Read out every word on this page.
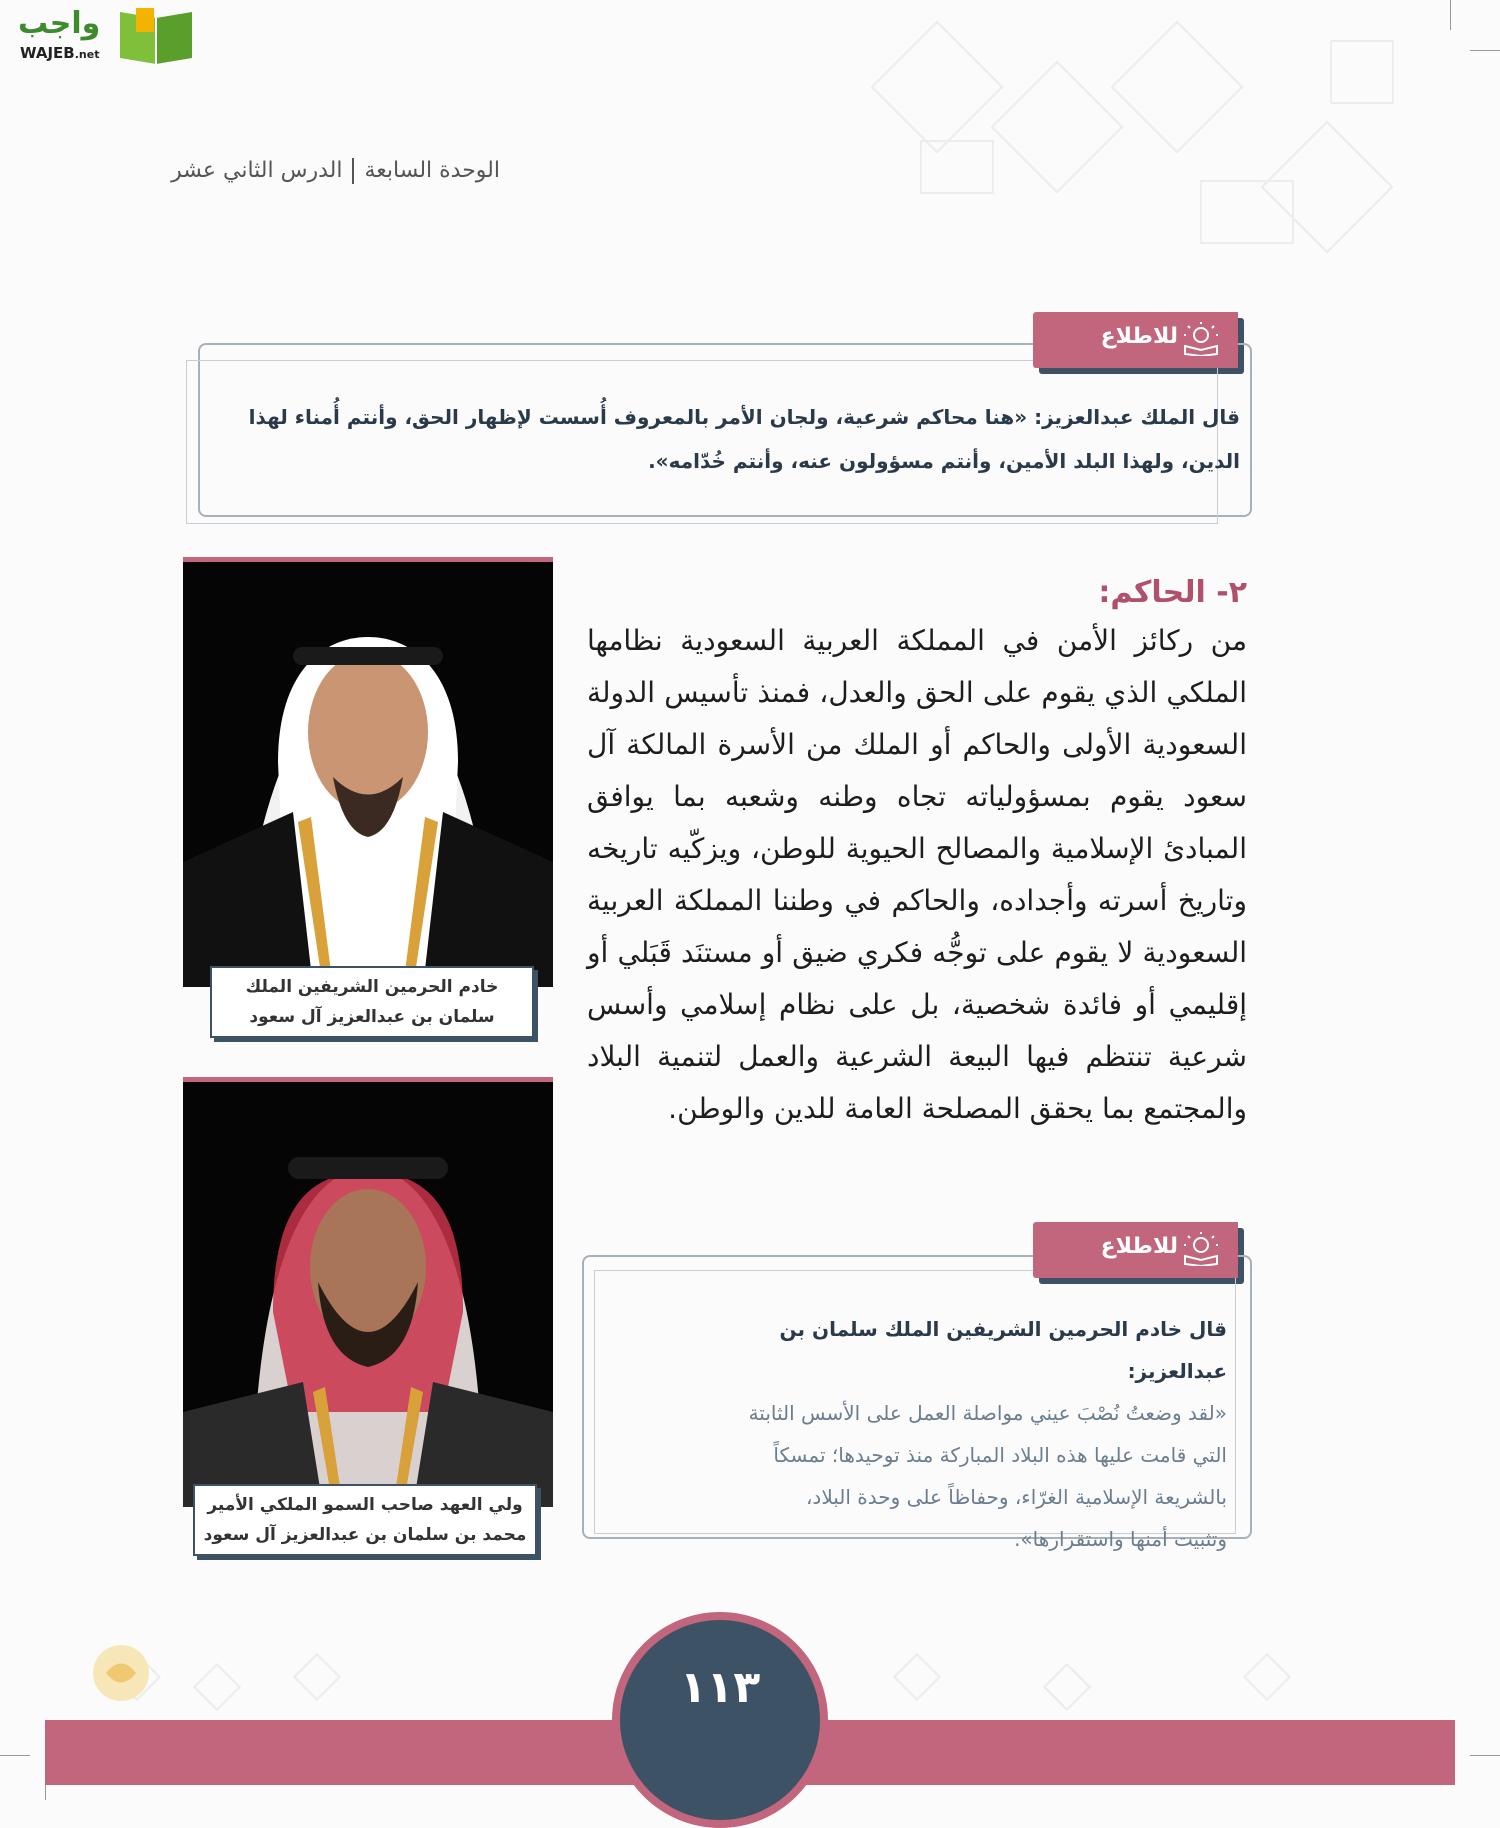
واجب
WAJEB.net
الوحدة السابعةالدرس الثاني عشر
للاطلاع
قال الملك عبدالعزيز: «هنا محاكم شرعية، ولجان الأمر بالمعروف أُسست لإظهار الحق، وأنتم أُمناء لهذا الدين، ولهذا البلد الأمين، وأنتم مسؤولون عنه، وأنتم خُدّامه».
٢- الحاكم:
من ركائز الأمن في المملكة العربية السعودية نظامها الملكي الذي يقوم على الحق والعدل، فمنذ تأسيس الدولة السعودية الأولى والحاكم أو الملك من الأسرة المالكة آل سعود يقوم بمسؤولياته تجاه وطنه وشعبه بما يوافق المبادئ الإسلامية والمصالح الحيوية للوطن، ويزكّيه تاريخه وتاريخ أسرته وأجداده، والحاكم في وطننا المملكة العربية السعودية لا يقوم على توجُّه فكري ضيق أو مستنَد قَبَلي أو إقليمي أو فائدة شخصية، بل على نظام إسلامي وأسس شرعية تنتظم فيها البيعة الشرعية والعمل لتنمية البلاد والمجتمع بما يحقق المصلحة العامة للدين والوطن.
خادم الحرمين الشريفين الملك
سلمان بن عبدالعزيز آل سعود
ولي العهد صاحب السمو الملكي الأمير
محمد بن سلمان بن عبدالعزيز آل سعود
للاطلاع
قال خادم الحرمين الشريفين الملك سلمان بن عبدالعزيز:
«لقد وضعتُ نُصْبَ عيني مواصلة العمل على الأسس الثابتة التي قامت عليها هذه البلاد المباركة منذ توحيدها؛ تمسكاً بالشريعة الإسلامية الغرّاء، وحفاظاً على وحدة البلاد، وتثبيت أمنها واستقرارها».
١١٣
